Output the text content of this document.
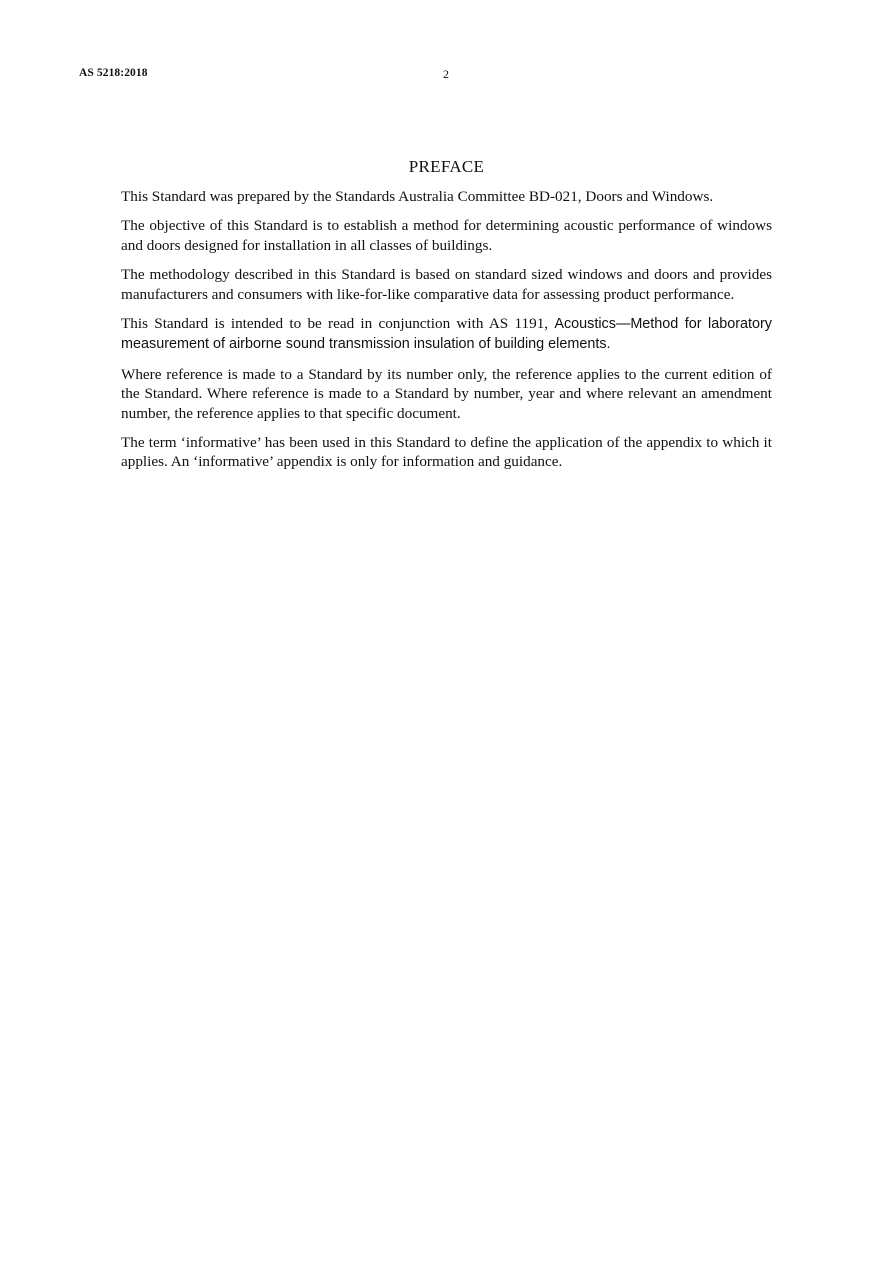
AS 5218:2018	2
PREFACE

This Standard was prepared by the Standards Australia Committee BD-021, Doors and Windows.

The objective of this Standard is to establish a method for determining acoustic performance of windows and doors designed for installation in all classes of buildings.

The methodology described in this Standard is based on standard sized windows and doors and provides manufacturers and consumers with like-for-like comparative data for assessing product performance.

This Standard is intended to be read in conjunction with AS 1191, Acoustics—Method for laboratory measurement of airborne sound transmission insulation of building elements.

Where reference is made to a Standard by its number only, the reference applies to the current edition of the Standard. Where reference is made to a Standard by number, year and where relevant an amendment number, the reference applies to that specific document.

The term ‘informative’ has been used in this Standard to define the application of the appendix to which it applies. An ‘informative’ appendix is only for information and guidance.
